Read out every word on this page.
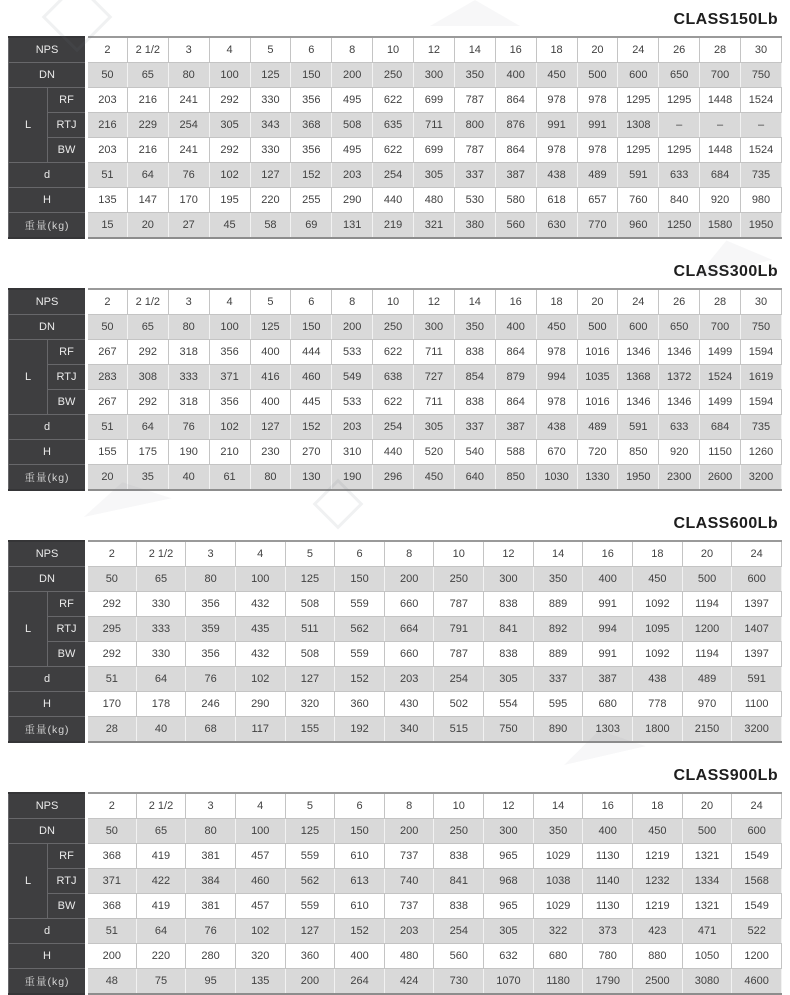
CLASS150Lb
NPS		2	2 1/2	3	4	5	6	8	10	12	14	16	18	20	24	26	28	30
DN		50	65	80	100	125	150	200	250	300	350	400	450	500	600	650	700	750
L	RF	203	216	241	292	330	356	495	622	699	787	864	978	978	1295	1295	1448	1524
	RTJ	216	229	254	305	343	368	508	635	711	800	876	991	991	1308	–	–	–
	BW	203	216	241	292	330	356	495	622	699	787	864	978	978	1295	1295	1448	1524
d		51	64	76	102	127	152	203	254	305	337	387	438	489	591	633	684	735
H		135	147	170	195	220	255	290	440	480	530	580	618	657	760	840	920	980
重量(kg)		15	20	27	45	58	69	131	219	321	380	560	630	770	960	1250	1580	1950
CLASS300Lb
NPS		2	2 1/2	3	4	5	6	8	10	12	14	16	18	20	24	26	28	30
DN		50	65	80	100	125	150	200	250	300	350	400	450	500	600	650	700	750
L	RF	267	292	318	356	400	444	533	622	711	838	864	978	1016	1346	1346	1499	1594
	RTJ	283	308	333	371	416	460	549	638	727	854	879	994	1035	1368	1372	1524	1619
	BW	267	292	318	356	400	445	533	622	711	838	864	978	1016	1346	1346	1499	1594
d		51	64	76	102	127	152	203	254	305	337	387	438	489	591	633	684	735
H		155	175	190	210	230	270	310	440	520	540	588	670	720	850	920	1150	1260
重量(kg)		20	35	40	61	80	130	190	296	450	640	850	1030	1330	1950	2300	2600	3200
CLASS600Lb
NPS		2	2 1/2	3	4	5	6	8	10	12	14	16	18	20	24
DN		50	65	80	100	125	150	200	250	300	350	400	450	500	600
L	RF	292	330	356	432	508	559	660	787	838	889	991	1092	1194	1397
	RTJ	295	333	359	435	511	562	664	791	841	892	994	1095	1200	1407
	BW	292	330	356	432	508	559	660	787	838	889	991	1092	1194	1397
d		51	64	76	102	127	152	203	254	305	337	387	438	489	591
H		170	178	246	290	320	360	430	502	554	595	680	778	970	1100
重量(kg)		28	40	68	117	155	192	340	515	750	890	1303	1800	2150	3200
CLASS900Lb
NPS		2	2 1/2	3	4	5	6	8	10	12	14	16	18	20	24
DN		50	65	80	100	125	150	200	250	300	350	400	450	500	600
L	RF	368	419	381	457	559	610	737	838	965	1029	1130	1219	1321	1549
	RTJ	371	422	384	460	562	613	740	841	968	1038	1140	1232	1334	1568
	BW	368	419	381	457	559	610	737	838	965	1029	1130	1219	1321	1549
d		51	64	76	102	127	152	203	254	305	322	373	423	471	522
H		200	220	280	320	360	400	480	560	632	680	780	880	1050	1200
重量(kg)		48	75	95	135	200	264	424	730	1070	1180	1790	2500	3080	4600
